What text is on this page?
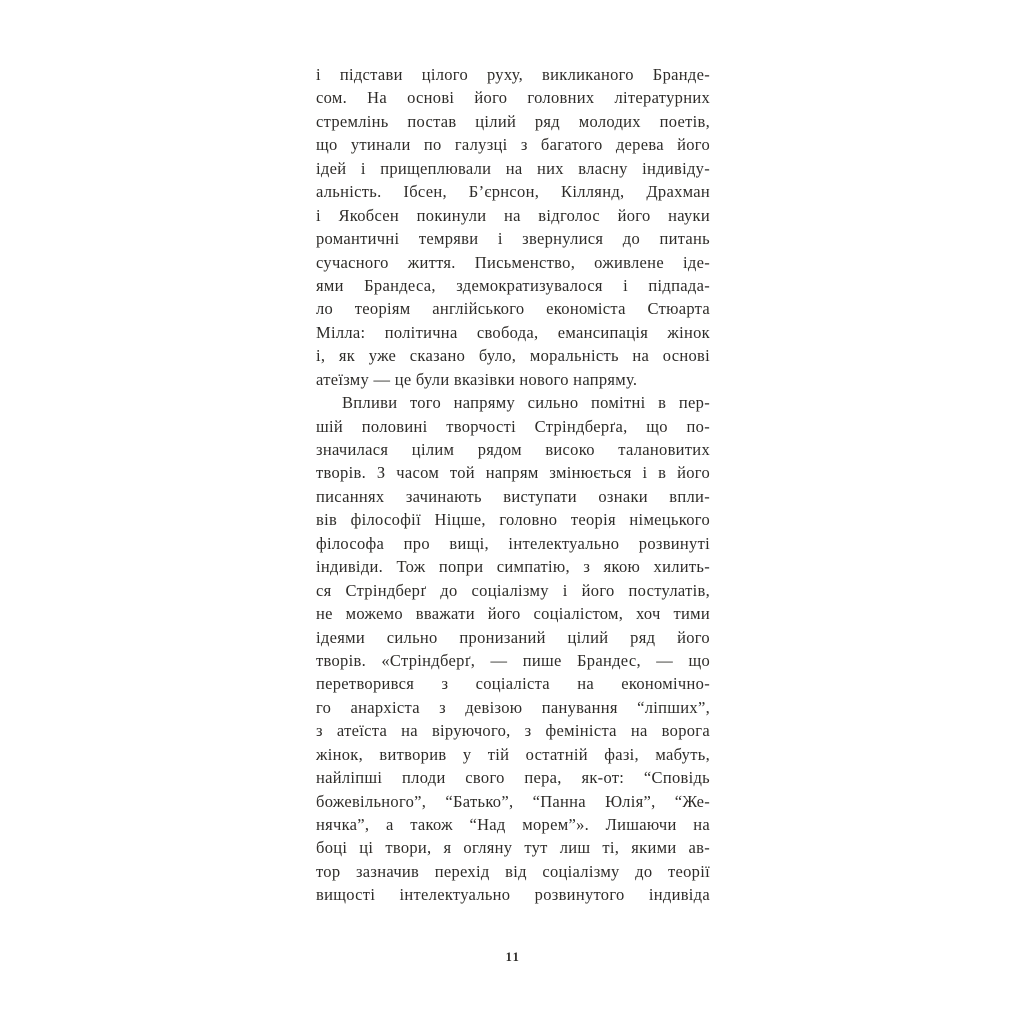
і підстави цілого руху, викликаного Бранде-
сом. На основі його головних літературних
стремлінь постав цілий ряд молодих поетів,
що утинали по галузці з багатого дерева його
ідей і прищеплювали на них власну індивіду-
альність. Ібсен, Б’єрнсон, Кіллянд, Драхман
і Якобсен покинули на відголос його науки
романтичні темряви і звернулися до питань
сучасного життя. Письменство, оживлене іде-
ями Брандеса, здемократизувалося і підпада-
ло теоріям англійського економіста Стюарта
Мілла: політична свобода, емансипація жінок
і, як уже сказано було, моральність на основі
атеїзму — це були вказівки нового напряму.
Впливи того напряму сильно помітні в пер-
шій половині творчості Стріндберґа, що по-
значилася цілим рядом високо талановитих
творів. З часом той напрям змінюється і в його
писаннях зачинають виступати ознаки впли-
вів філософії Ніцше, головно теорія німецького
філософа про вищі, інтелектуально розвинуті
індивіди. Тож попри симпатію, з якою хилить-
ся Стріндберґ до соціалізму і його постулатів,
не можемо вважати його соціалістом, хоч тими
ідеями сильно пронизаний цілий ряд його
творів. «Стріндберґ, — пише Брандес, — що
перетворився з соціаліста на економічно-
го анархіста з девізою панування “ліпших”,
з атеїста на віруючого, з фемініста на ворога
жінок, витворив у тій остатній фазі, мабуть,
найліпші плоди свого пера, як-от: “Сповідь
божевільного”, “Батько”, “Панна Юлія”, “Же-
нячка”, а також “Над морем”». Лишаючи на
боці ці твори, я огляну тут лиш ті, якими ав-
тор зазначив перехід від соціалізму до теорії
вищості інтелектуально розвинутого індивіда
11
